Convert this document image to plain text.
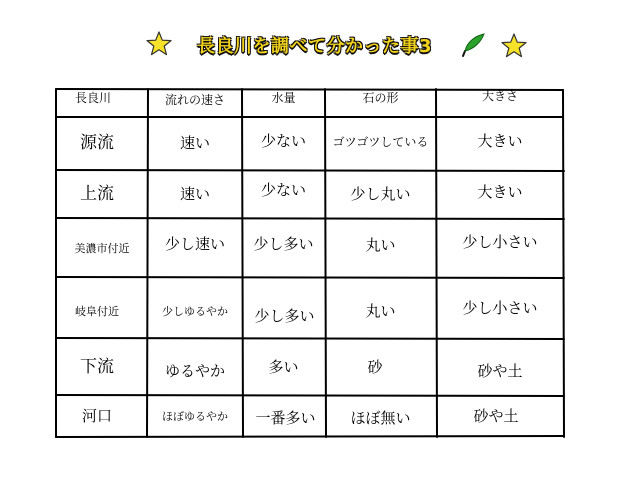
長良川を調べて分かった事3
長良川	流れの速さ	水量	石の形	大きさ
源流	速い	少ない	ゴツゴツしている	大きい
上流	速い	少ない	少し丸い	大きい
美濃市付近	少し速い	少し多い	丸い	少し小さい
岐阜付近	少しゆるやか	少し多い	丸い	少し小さい
下流	ゆるやか	多い	砂	砂や土
河口	ほぼゆるやか	一番多い	ほぼ無い	砂や土
